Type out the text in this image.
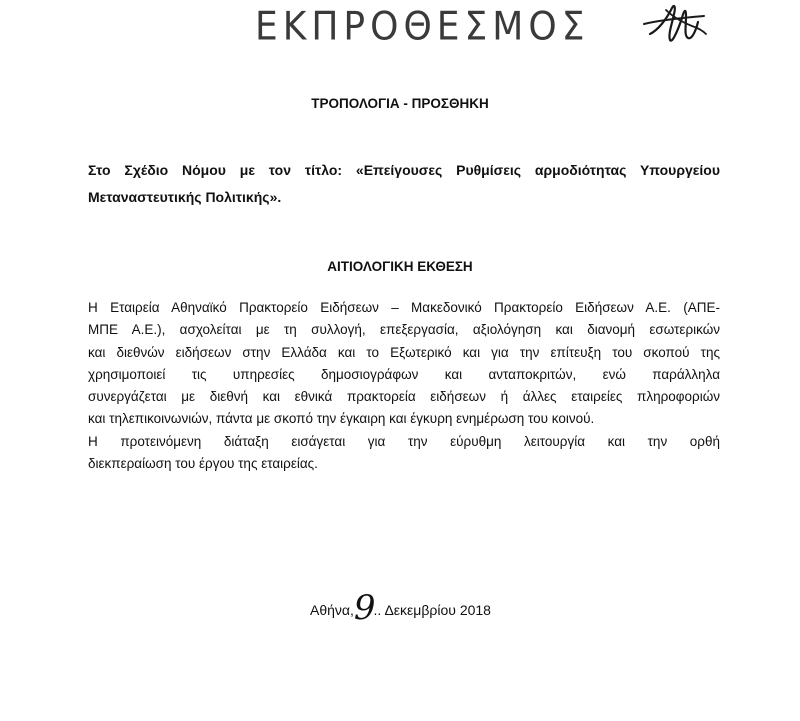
ΕΚΠΡΟΘΕΣΜΟΣ
ΤΡΟΠΟΛΟΓΙΑ - ΠΡΟΣΘΗΚΗ
Στο Σχέδιο Νόμου με τον τίτλο: «Επείγουσες Ρυθμίσεις αρμοδιότητας Υπουργείου
Μεταναστευτικής Πολιτικής».
ΑΙΤΙΟΛΟΓΙΚΗ ΕΚΘΕΣΗ
Η Εταιρεία Αθηναϊκό Πρακτορείο Ειδήσεων – Μακεδονικό Πρακτορείο Ειδήσεων Α.Ε. (ΑΠΕ-
ΜΠΕ Α.Ε.), ασχολείται με τη συλλογή, επεξεργασία, αξιολόγηση και διανομή εσωτερικών
και διεθνών ειδήσεων στην Ελλάδα και το Εξωτερικό και για την επίτευξη του σκοπού της
χρησιμοποιεί τις υπηρεσίες δημοσιογράφων και ανταποκριτών, ενώ παράλληλα
συνεργάζεται με διεθνή και εθνικά πρακτορεία ειδήσεων ή άλλες εταιρείες πληροφοριών
και τηλεπικοινωνιών, πάντα με σκοπό την έγκαιρη και έγκυρη ενημέρωση του κοινού.
Η προτεινόμενη διάταξη εισάγεται για την εύρυθμη λειτουργία και την ορθή
διεκπεραίωση του έργου της εταιρείας.
Αθήνα,9.. Δεκεμβρίου 2018
